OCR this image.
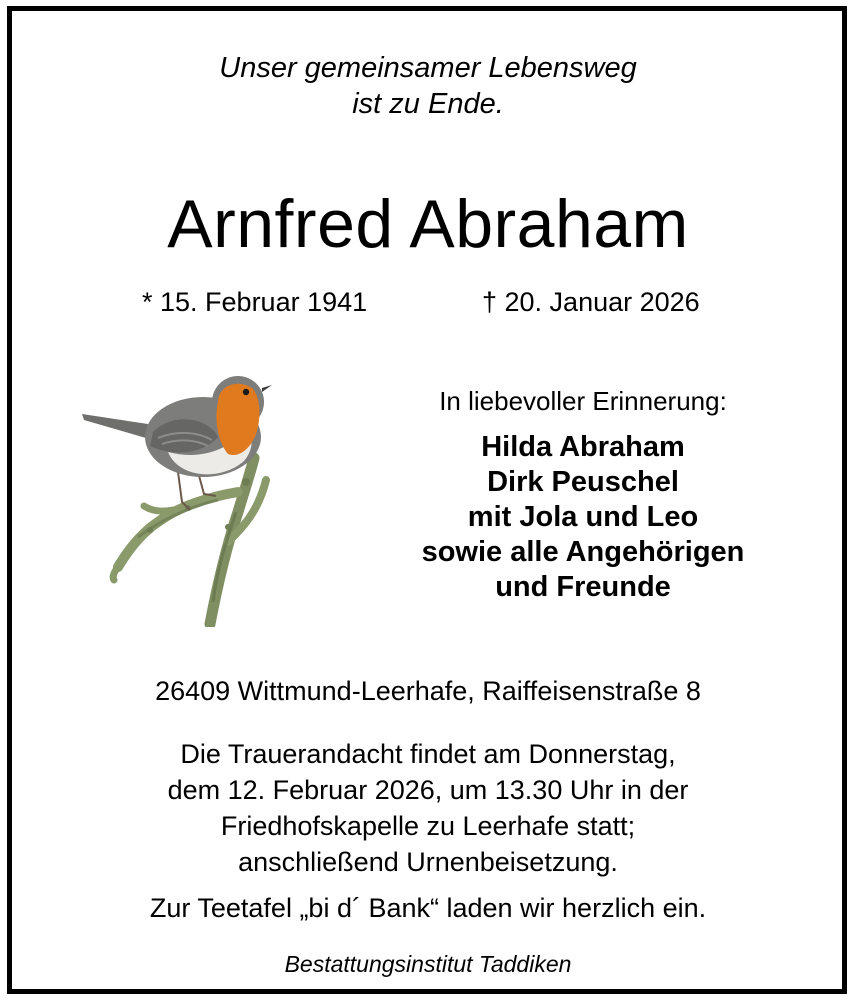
Unser gemeinsamer Lebensweg
ist zu Ende.
Arnfred Abraham
* 15. Februar 1941	† 20. Januar 2026
In liebevoller Erinnerung:
Hilda Abraham
Dirk Peuschel
mit Jola und Leo
sowie alle Angehörigen
und Freunde
26409 Wittmund-Leerhafe, Raiffeisenstraße 8
Die Trauerandacht findet am Donnerstag,
dem 12. Februar 2026, um 13.30 Uhr in der
Friedhofskapelle zu Leerhafe statt;
anschließend Urnenbeisetzung.
Zur Teetafel „bi d´ Bank“ laden wir herzlich ein.
Bestattungsinstitut Taddiken
